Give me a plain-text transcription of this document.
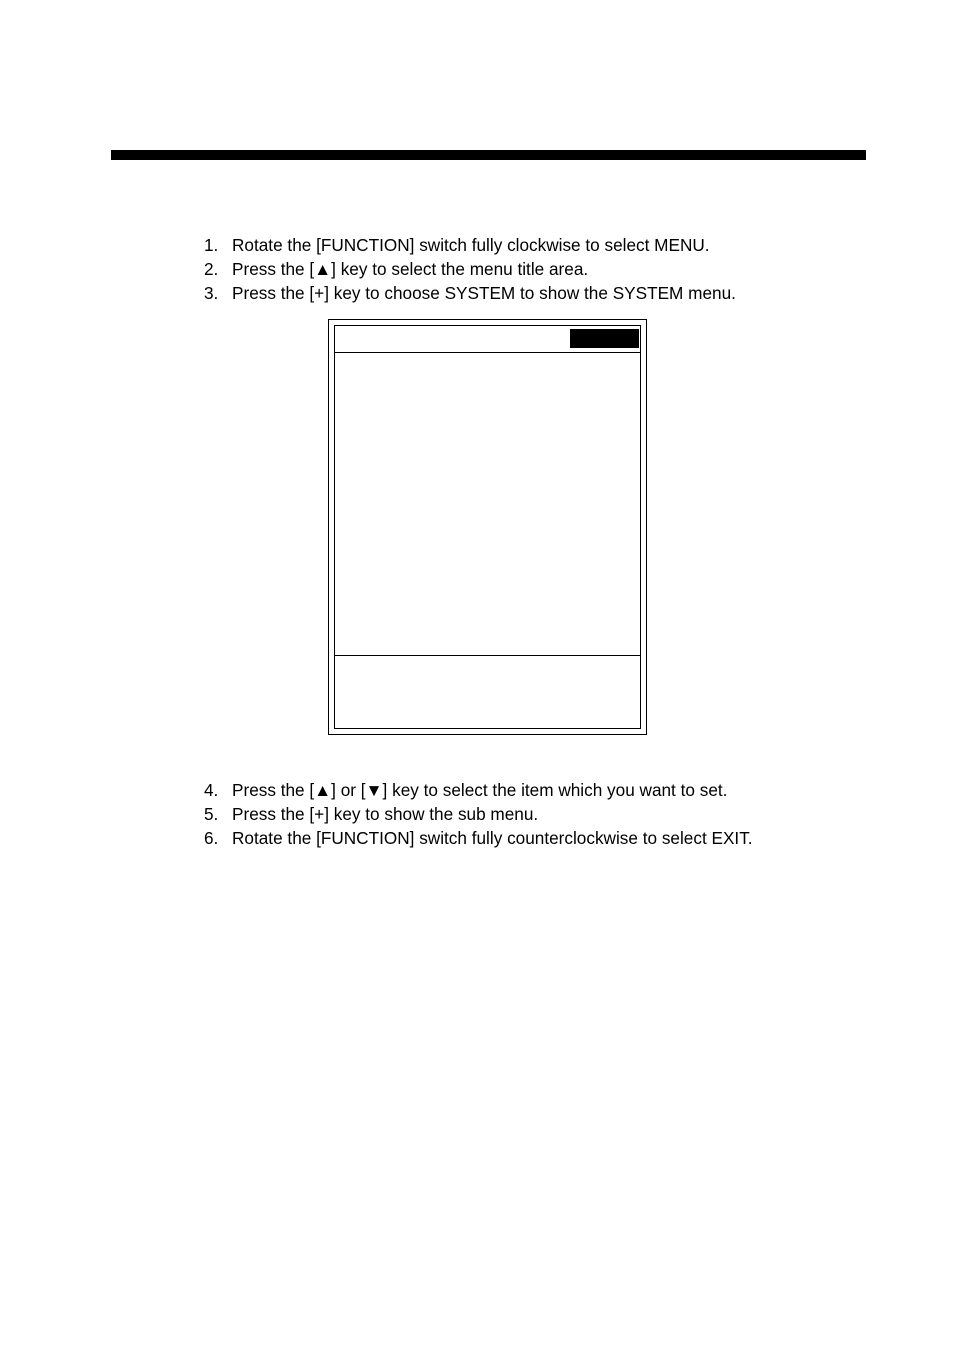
1. Rotate the [FUNCTION] switch fully clockwise to select MENU.
2. Press the [▲] key to select the menu title area.
3. Press the [+] key to choose SYSTEM to show the SYSTEM menu.
4. Press the [▲] or [▼] key to select the item which you want to set.
5. Press the [+] key to show the sub menu.
6. Rotate the [FUNCTION] switch fully counterclockwise to select EXIT.
